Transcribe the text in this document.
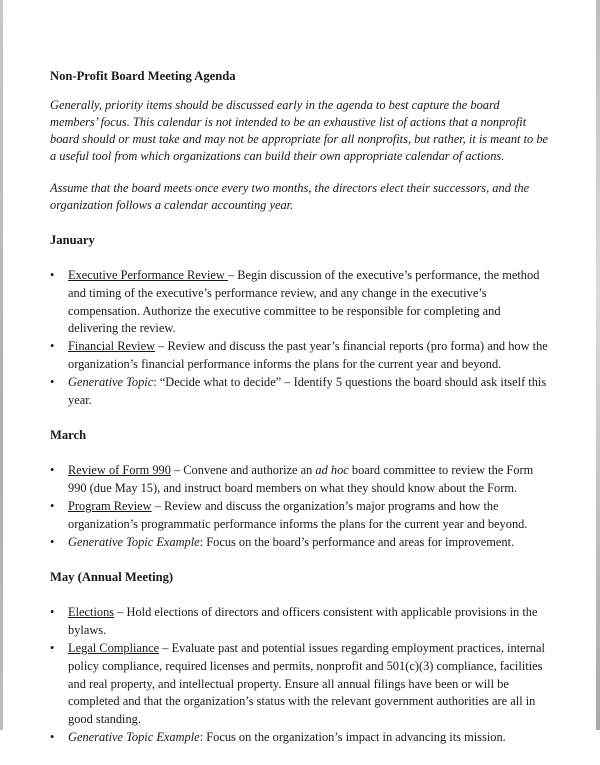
Non-Profit Board Meeting Agenda

Generally, priority items should be discussed early in the agenda to best capture the board members’ focus. This calendar is not intended to be an exhaustive list of actions that a nonprofit board should or must take and may not be appropriate for all nonprofits, but rather, it is meant to be a useful tool from which organizations can build their own appropriate calendar of actions.

Assume that the board meets once every two months, the directors elect their successors, and the organization follows a calendar accounting year.

January
• Executive Performance Review – Begin discussion of the executive’s performance, the method and timing of the executive’s performance review, and any change in the executive’s compensation. Authorize the executive committee to be responsible for completing and delivering the review.
• Financial Review – Review and discuss the past year’s financial reports (pro forma) and how the organization’s financial performance informs the plans for the current year and beyond.
• Generative Topic: “Decide what to decide” – Identify 5 questions the board should ask itself this year.
March
• Review of Form 990 – Convene and authorize an ad hoc board committee to review the Form 990 (due May 15), and instruct board members on what they should know about the Form.
• Program Review – Review and discuss the organization’s major programs and how the organization’s programmatic performance informs the plans for the current year and beyond.
• Generative Topic Example: Focus on the board’s performance and areas for improvement.
May (Annual Meeting)
• Elections – Hold elections of directors and officers consistent with applicable provisions in the bylaws.
• Legal Compliance – Evaluate past and potential issues regarding employment practices, internal policy compliance, required licenses and permits, nonprofit and 501(c)(3) compliance, facilities and real property, and intellectual property. Ensure all annual filings have been or will be completed and that the organization’s status with the relevant government authorities are all in good standing.
• Generative Topic Example: Focus on the organization’s impact in advancing its mission.
